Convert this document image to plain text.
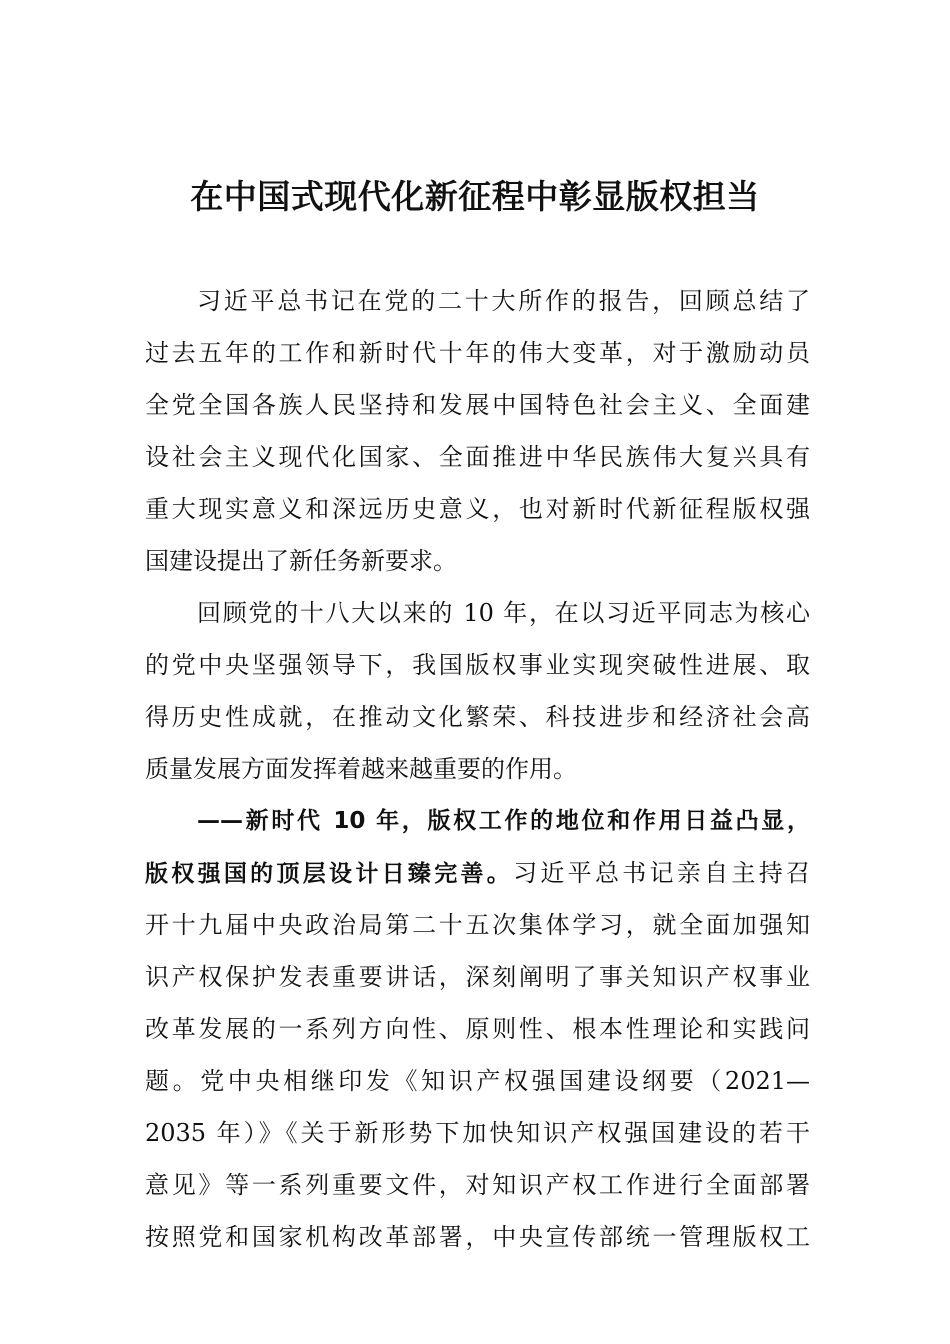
在中国式现代化新征程中彰显版权担当
习近平总书记在党的二十大所作的报告，回顾总结了
过去五年的工作和新时代十年的伟大变革，对于激励动员
全党全国各族人民坚持和发展中国特色社会主义、全面建
设社会主义现代化国家、全面推进中华民族伟大复兴具有
重大现实意义和深远历史意义，也对新时代新征程版权强
国建设提出了新任务新要求。
回顾党的十八大以来的 10 年，在以习近平同志为核心
的党中央坚强领导下，我国版权事业实现突破性进展、取
得历史性成就，在推动文化繁荣、科技进步和经济社会高
质量发展方面发挥着越来越重要的作用。
——新时代 10 年，版权工作的地位和作用日益凸显，
版权强国的顶层设计日臻完善。习近平总书记亲自主持召
开十九届中央政治局第二十五次集体学习，就全面加强知
识产权保护发表重要讲话，深刻阐明了事关知识产权事业
改革发展的一系列方向性、原则性、根本性理论和实践问
题。党中央相继印发《知识产权强国建设纲要（2021—
2035 年）》《关于新形势下加快知识产权强国建设的若干
意见》等一系列重要文件，对知识产权工作进行全面部署
按照党和国家机构改革部署，中央宣传部统一管理版权工
